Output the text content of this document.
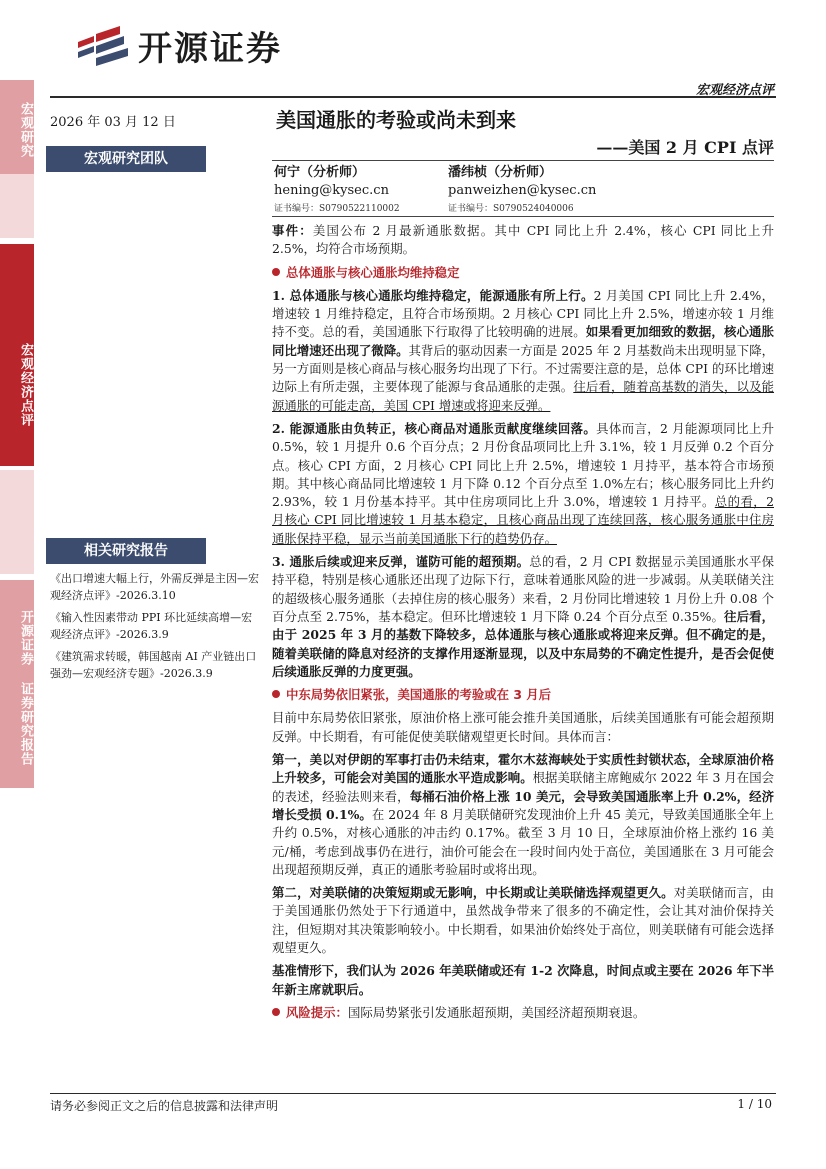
开源证券
宏观经济点评
宏观研究
宏观经济点评
开源证券 证券研究报告
2026 年 03 月 12 日
宏观研究团队
相关研究报告

《出口增速大幅上行，外需反弹是主因—宏观经济点评》-2026.3.10

《输入性因素带动 PPI 环比延续高增—宏观经济点评》-2026.3.9

《建筑需求转暖，韩国越南 AI 产业链出口强劲—宏观经济专题》-2026.3.9

美国通胀的考验或尚未到来
——美国 2 月 CPI 点评
何宁（分析师）
hening@kysec.cn
证书编号：S0790522110002
潘纬桢（分析师）
panweizhen@kysec.cn
证书编号：S0790524040006

事件：美国公布 2 月最新通胀数据。其中 CPI 同比上升 2.4%，核心 CPI 同比上升 2.5%，均符合市场预期。

总体通胀与核心通胀均维持稳定

1. 总体通胀与核心通胀均维持稳定，能源通胀有所上行。2 月美国 CPI 同比上升 2.4%，增速较 1 月维持稳定，且符合市场预期。2 月核心 CPI 同比上升 2.5%，增速亦较 1 月维持不变。总的看，美国通胀下行取得了比较明确的进展。如果看更加细致的数据，核心通胀同比增速还出现了微降。其背后的驱动因素一方面是 2025 年 2 月基数尚未出现明显下降，另一方面则是核心商品与核心服务均出现了下行。不过需要注意的是，总体 CPI 的环比增速边际上有所走强，主要体现了能源与食品通胀的走强。往后看，随着高基数的消失，以及能源通胀的可能走高，美国 CPI 增速或将迎来反弹。

2. 能源通胀由负转正，核心商品对通胀贡献度继续回落。具体而言，2 月能源项同比上升 0.5%，较 1 月提升 0.6 个百分点；2 月份食品项同比上升 3.1%，较 1 月反弹 0.2 个百分点。核心 CPI 方面，2 月核心 CPI 同比上升 2.5%，增速较 1 月持平，基本符合市场预期。其中核心商品同比增速较 1 月下降 0.12 个百分点至 1.0%左右；核心服务同比上升约 2.93%，较 1 月份基本持平。其中住房项同比上升 3.0%，增速较 1 月持平。总的看，2 月核心 CPI 同比增速较 1 月基本稳定，且核心商品出现了连续回落，核心服务通胀中住房通胀保持平稳，显示当前美国通胀下行的趋势仍存。

3. 通胀后续或迎来反弹，谨防可能的超预期。总的看，2 月 CPI 数据显示美国通胀水平保持平稳，特别是核心通胀还出现了边际下行，意味着通胀风险的进一步减弱。从美联储关注的超级核心服务通胀（去掉住房的核心服务）来看，2 月份同比增速较 1 月份上升 0.08 个百分点至 2.75%，基本稳定。但环比增速较 1 月下降 0.24 个百分点至 0.35%。往后看，由于 2025 年 3 月的基数下降较多，总体通胀与核心通胀或将迎来反弹。但不确定的是，随着美联储的降息对经济的支撑作用逐渐显现，以及中东局势的不确定性提升，是否会促使后续通胀反弹的力度更强。

中东局势依旧紧张，美国通胀的考验或在 3 月后

目前中东局势依旧紧张，原油价格上涨可能会推升美国通胀，后续美国通胀有可能会超预期反弹。中长期看，有可能促使美联储观望更长时间。具体而言：

第一，美以对伊朗的军事打击仍未结束，霍尔木兹海峡处于实质性封锁状态，全球原油价格上升较多，可能会对美国的通胀水平造成影响。根据美联储主席鲍威尔 2022 年 3 月在国会的表述，经验法则来看，每桶石油价格上涨 10 美元，会导致美国通胀率上升 0.2%，经济增长受损 0.1%。在 2024 年 8 月美联储研究发现油价上升 45 美元，导致美国通胀全年上升约 0.5%，对核心通胀的冲击约 0.17%。截至 3 月 10 日，全球原油价格上涨约 16 美元/桶，考虑到战事仍在进行，油价可能会在一段时间内处于高位，美国通胀在 3 月可能会出现超预期反弹，真正的通胀考验届时或将出现。

第二，对美联储的决策短期或无影响，中长期或让美联储选择观望更久。对美联储而言，由于美国通胀仍然处于下行通道中，虽然战争带来了很多的不确定性，会让其对油价保持关注，但短期对其决策影响较小。中长期看，如果油价始终处于高位，则美联储有可能会选择观望更久。

基准情形下，我们认为 2026 年美联储或还有 1-2 次降息，时间点或主要在 2026 年下半年新主席就职后。

风险提示：国际局势紧张引发通胀超预期，美国经济超预期衰退。

请务必参阅正文之后的信息披露和法律声明	1 / 10
